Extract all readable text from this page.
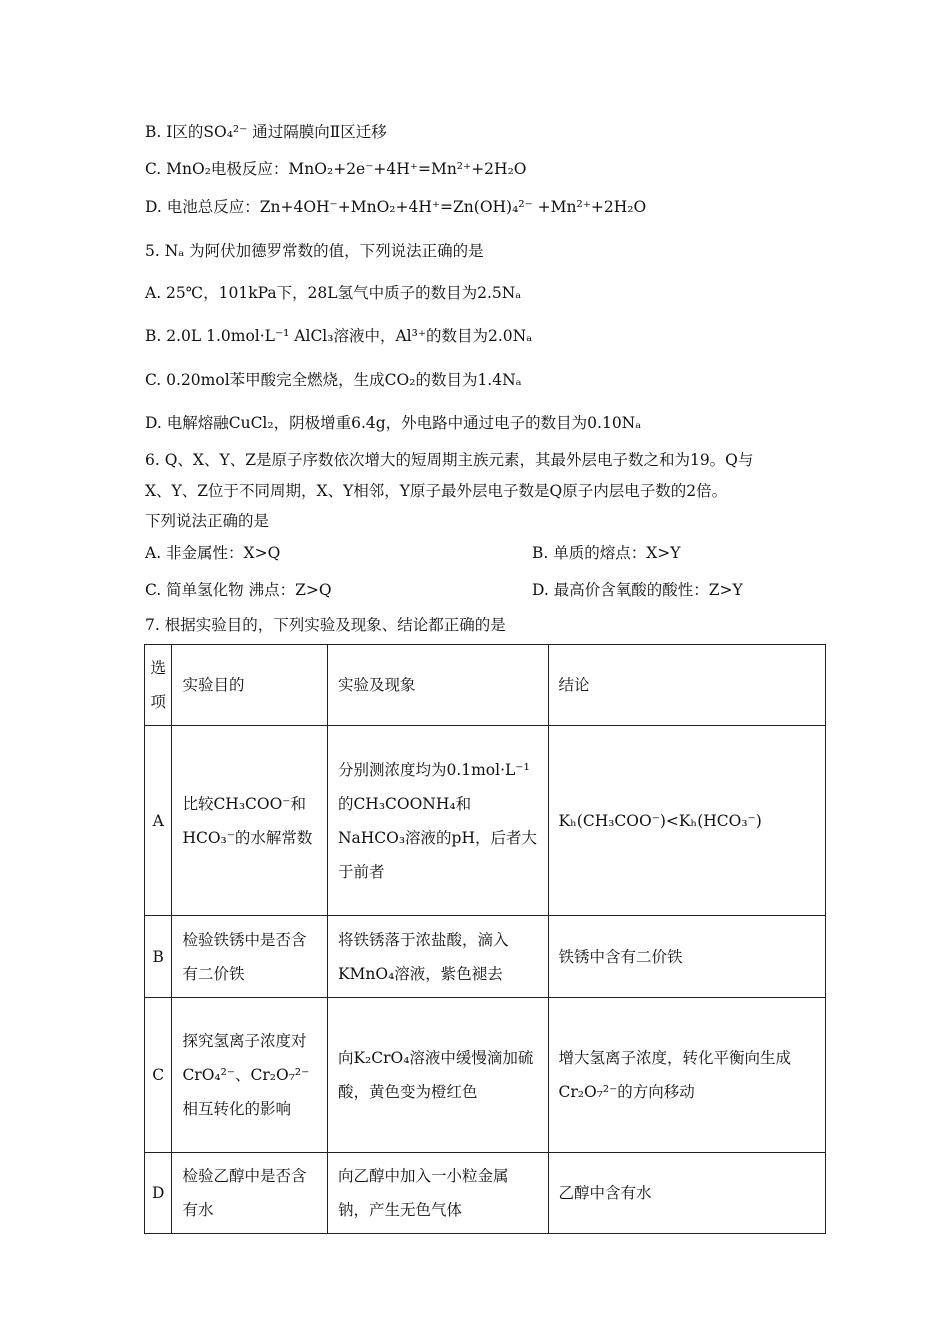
B. Ⅰ区的SO₄²⁻ 通过隔膜向Ⅱ区迁移
C. MnO₂电极反应：MnO₂+2e⁻+4H⁺=Mn²⁺+2H₂O
D. 电池总反应：Zn+4OH⁻+MnO₂+4H⁺=Zn(OH)₄²⁻ +Mn²⁺+2H₂O
5. Nₐ 为阿伏加德罗常数的值，下列说法正确的是
A. 25℃，101kPa下，28L氢气中质子的数目为2.5Nₐ
B. 2.0L 1.0mol·L⁻¹ AlCl₃溶液中，Al³⁺的数目为2.0Nₐ
C. 0.20mol苯甲酸完全燃烧，生成CO₂的数目为1.4Nₐ
D. 电解熔融CuCl₂，阴极增重6.4g，外电路中通过电子的数目为0.10Nₐ
6. Q、X、Y、Z是原子序数依次增大的短周期主族元素，其最外层电子数之和为19。Q与
X、Y、Z位于不同周期，X、Y相邻，Y原子最外层电子数是Q原子内层电子数的2倍。
下列说法正确的是
A. 非金属性：X>Q	B. 单质的熔点：X>Y
C. 简单氢化物 沸点：Z>Q	D. 最高价含氧酸的酸性：Z>Y
7. 根据实验目的，下列实验及现象、结论都正确的是
选项	实验目的	实验及现象	结论
A	比较CH₃COO⁻和HCO₃⁻的水解常数	分别测浓度均为0.1mol·L⁻¹的CH₃COONH₄和NaHCO₃溶液的pH，后者大于前者	Kₕ(CH₃COO⁻)<Kₕ(HCO₃⁻)
B	检验铁锈中是否含有二价铁	将铁锈落于浓盐酸，滴入KMnO₄溶液，紫色褪去	铁锈中含有二价铁
C	探究氢离子浓度对CrO₄²⁻、Cr₂O₇²⁻相互转化的影响	向K₂CrO₄溶液中缓慢滴加硫酸，黄色变为橙红色	增大氢离子浓度，转化平衡向生成Cr₂O₇²⁻的方向移动
D	检验乙醇中是否含有水	向乙醇中加入一小粒金属钠，产生无色气体	乙醇中含有水
